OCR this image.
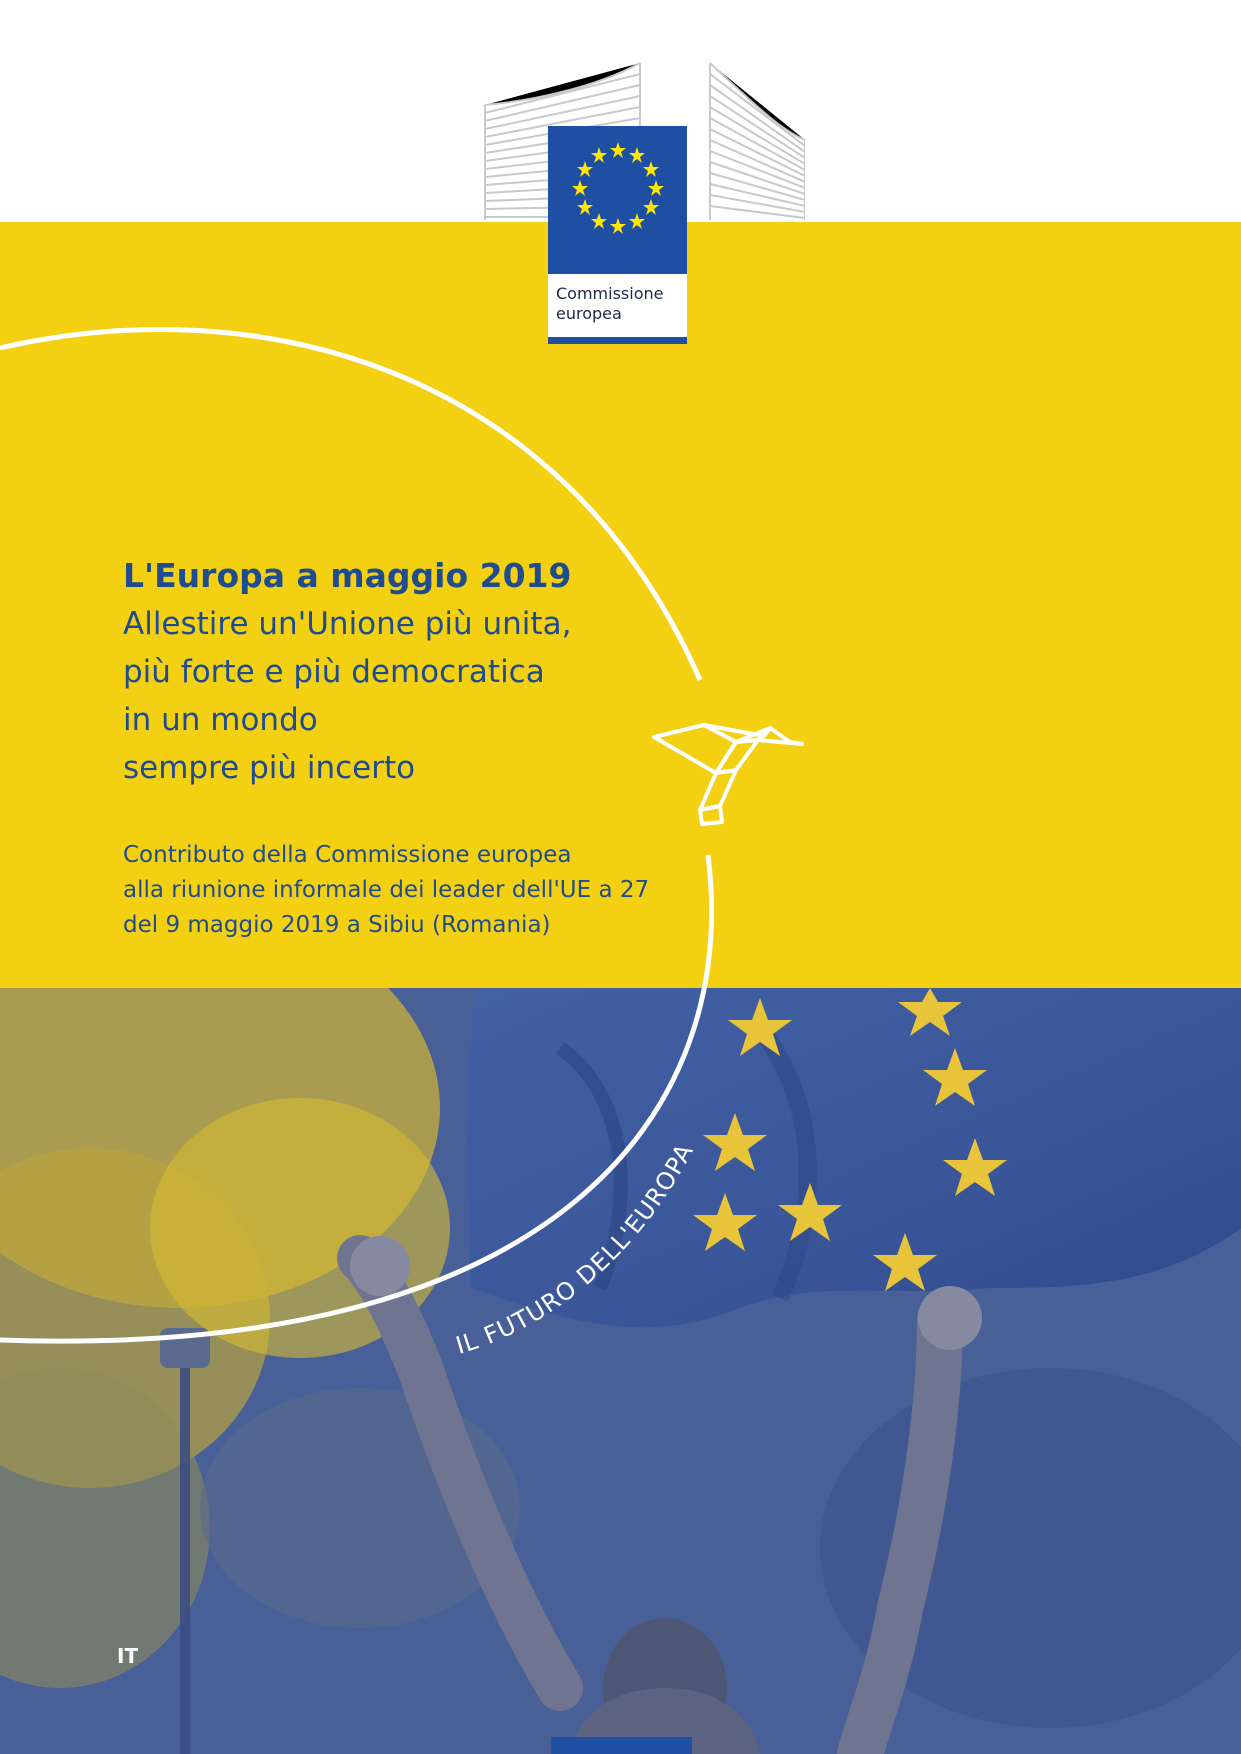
IL FUTURO DELL'EUROPA
Commissione
europea
L'Europa a maggio 2019
Allestire un'Unione più unita,
più forte e più democratica
in un mondo
sempre più incerto
Contributo della Commissione europea
alla riunione informale dei leader dell'UE a 27
del 9 maggio 2019 a Sibiu (Romania)
IT
